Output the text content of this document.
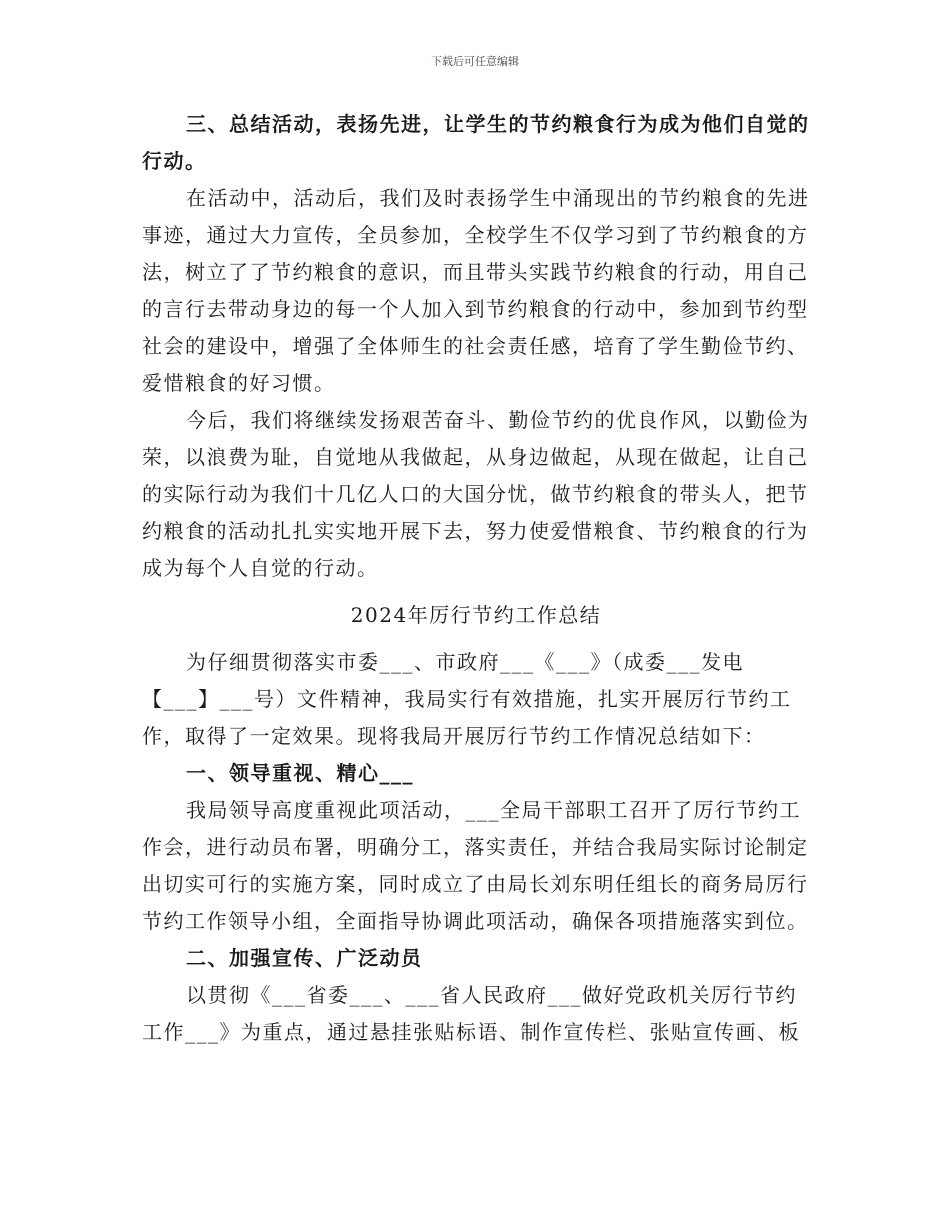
下载后可任意编辑

三、总结活动，表扬先进，让学生的节约粮食行为成为他们自觉的行动。

在活动中，活动后，我们及时表扬学生中涌现出的节约粮食的先进事迹，通过大力宣传，全员参加，全校学生不仅学习到了节约粮食的方法，树立了了节约粮食的意识，而且带头实践节约粮食的行动，用自己的言行去带动身边的每一个人加入到节约粮食的行动中，参加到节约型社会的建设中，增强了全体师生的社会责任感，培育了学生勤俭节约、爱惜粮食的好习惯。

今后，我们将继续发扬艰苦奋斗、勤俭节约的优良作风，以勤俭为荣，以浪费为耻，自觉地从我做起，从身边做起，从现在做起，让自己的实际行动为我们十几亿人口的大国分忧，做节约粮食的带头人，把节约粮食的活动扎扎实实地开展下去，努力使爱惜粮食、节约粮食的行为成为每个人自觉的行动。

2024年厉行节约工作总结

为仔细贯彻落实市委___、市政府___《___》（成委___发电【___】___号）文件精神，我局实行有效措施，扎实开展厉行节约工作，取得了一定效果。现将我局开展厉行节约工作情况总结如下：

一、领导重视、精心___

我局领导高度重视此项活动，___全局干部职工召开了厉行节约工作会，进行动员布署，明确分工，落实责任，并结合我局实际讨论制定出切实可行的实施方案，同时成立了由局长刘东明任组长的商务局厉行节约工作领导小组，全面指导协调此项活动，确保各项措施落实到位。

二、加强宣传、广泛动员

以贯彻《___省委___、___省人民政府___做好党政机关厉行节约工作___》为重点，通过悬挂张贴标语、制作宣传栏、张贴宣传画、板
